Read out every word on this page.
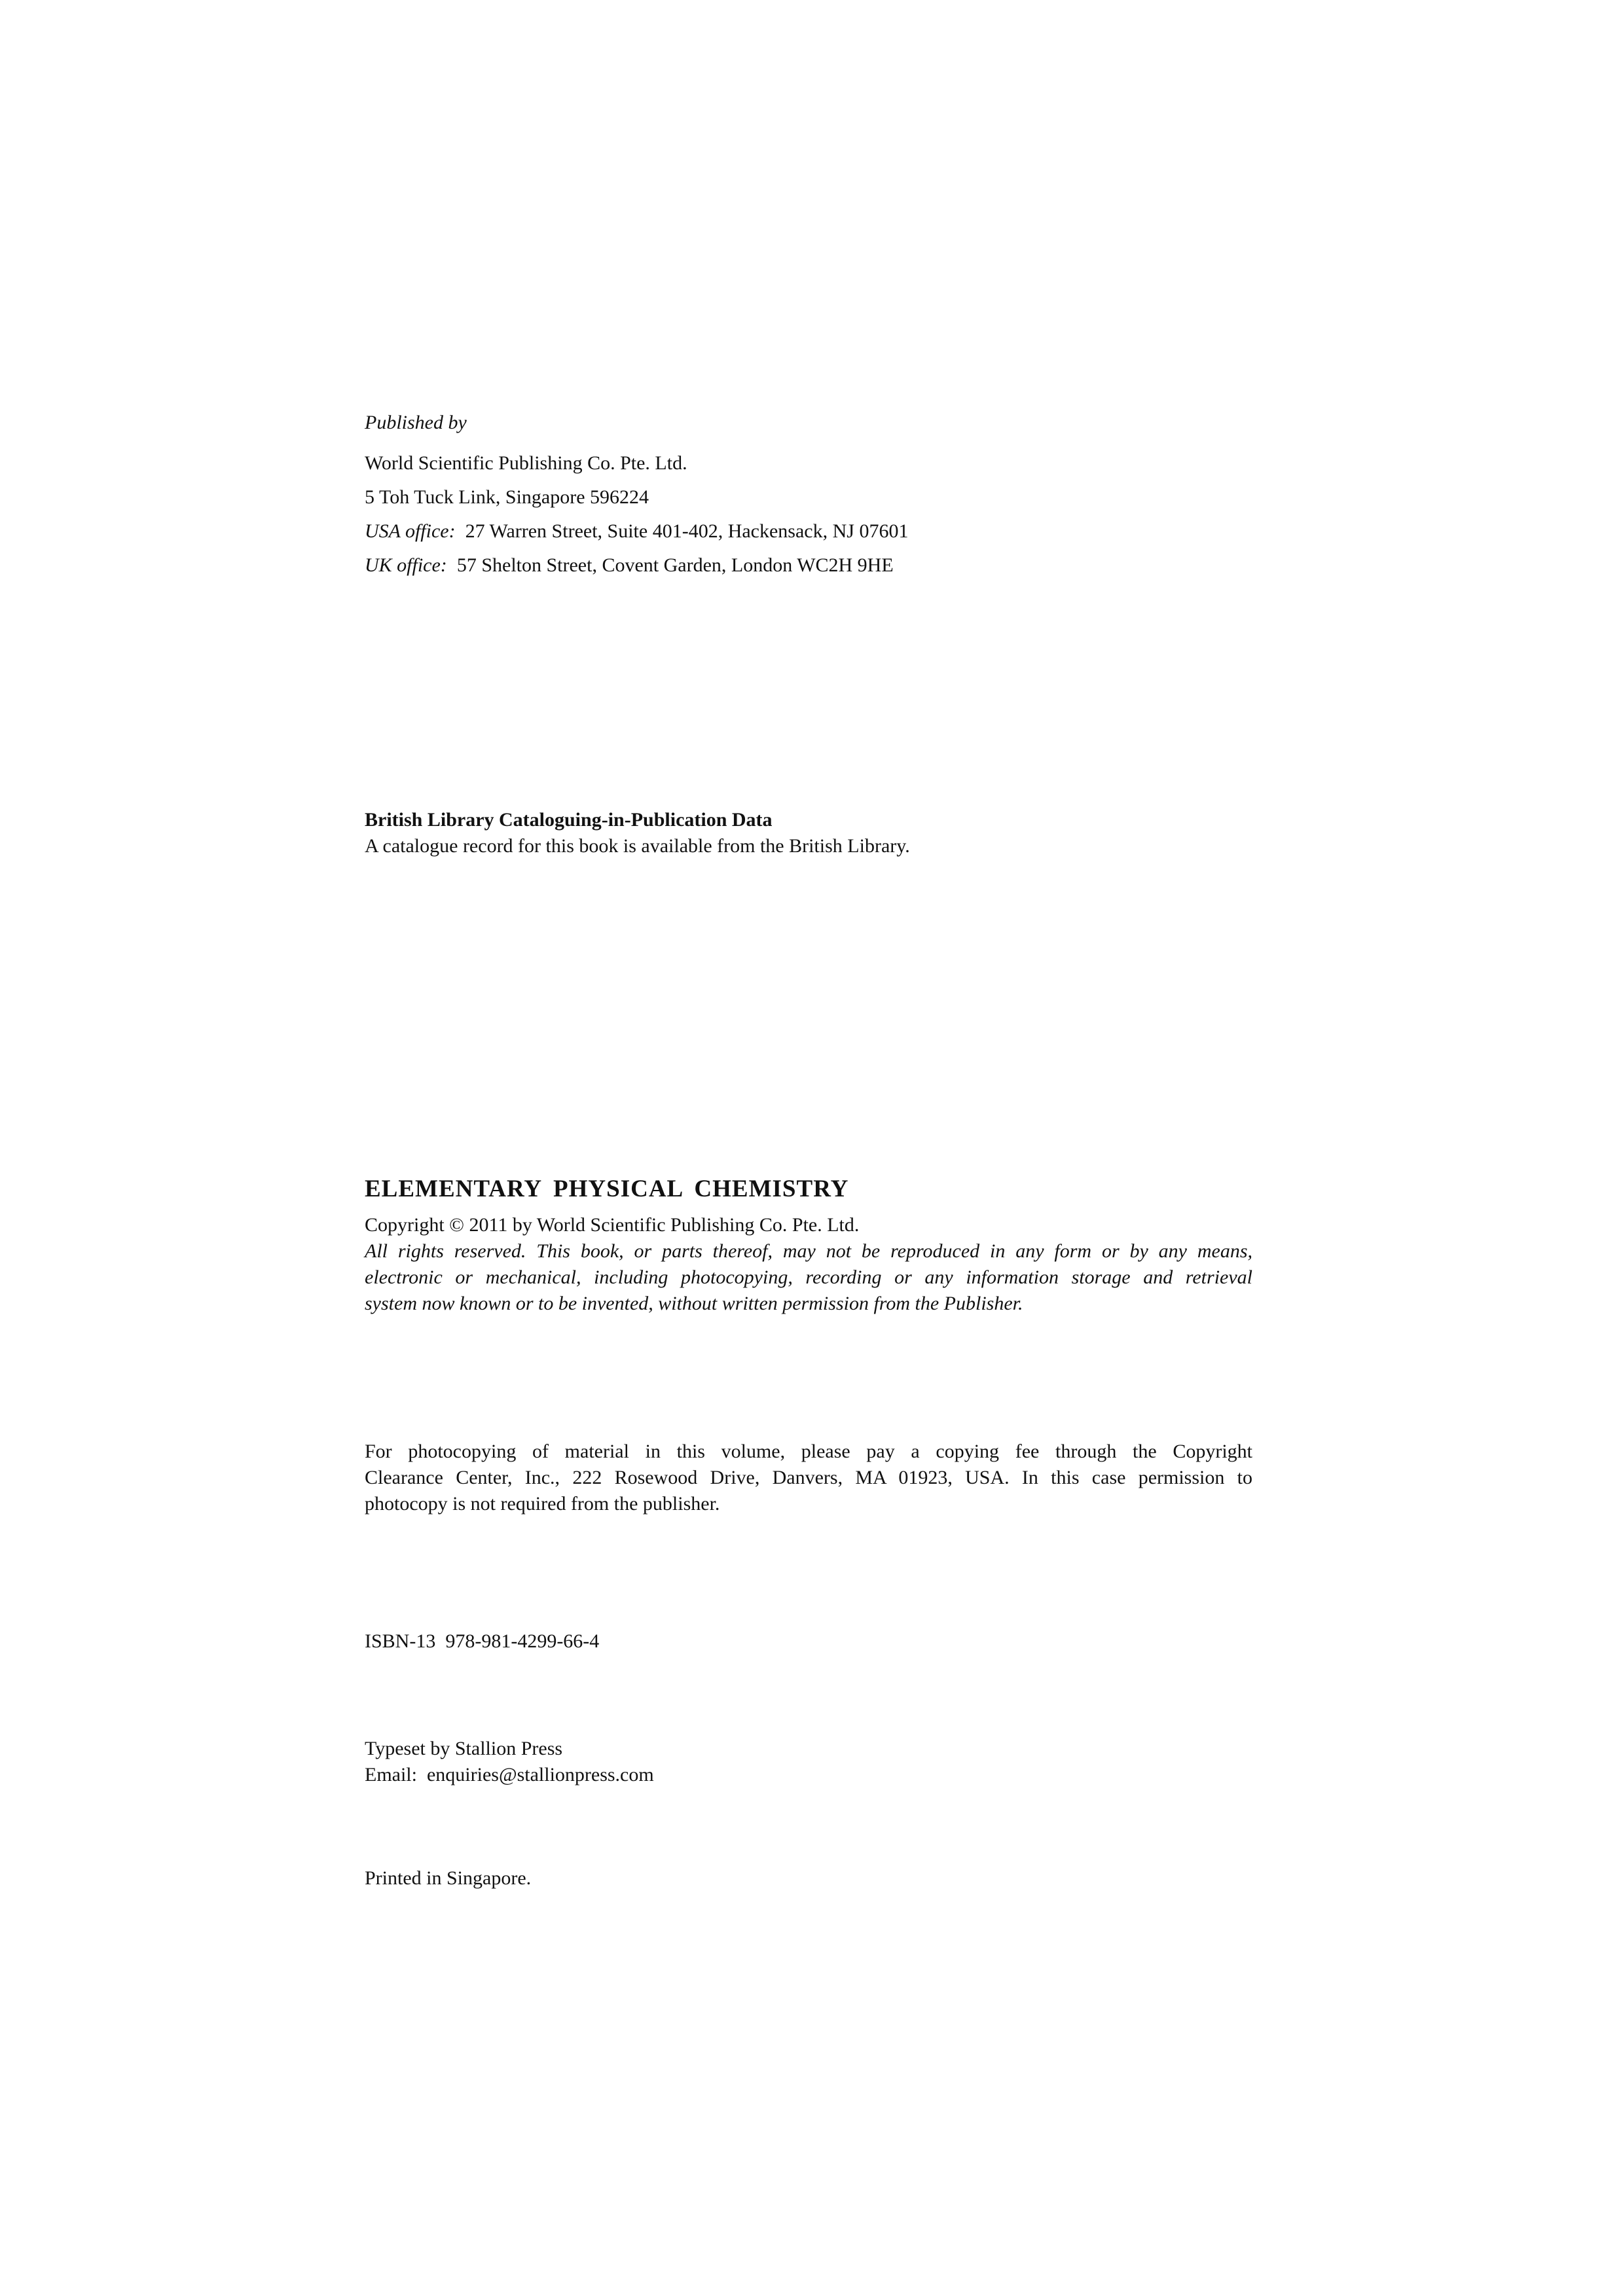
Published by
World Scientific Publishing Co. Pte. Ltd.
5 Toh Tuck Link, Singapore 596224
USA office: 27 Warren Street, Suite 401-402, Hackensack, NJ 07601
UK office: 57 Shelton Street, Covent Garden, London WC2H 9HE
British Library Cataloguing-in-Publication Data
A catalogue record for this book is available from the British Library.
ELEMENTARY PHYSICAL CHEMISTRY
Copyright © 2011 by World Scientific Publishing Co. Pte. Ltd.
All rights reserved. This book, or parts thereof, may not be reproduced in any form or by any means,
electronic or mechanical, including photocopying, recording or any information storage and retrieval
system now known or to be invented, without written permission from the Publisher.
For photocopying of material in this volume, please pay a copying fee through the Copyright
Clearance Center, Inc., 222 Rosewood Drive, Danvers, MA 01923, USA. In this case permission to
photocopy is not required from the publisher.
ISBN-13  978-981-4299-66-4
Typeset by Stallion Press
Email:  enquiries@stallionpress.com
Printed in Singapore.
